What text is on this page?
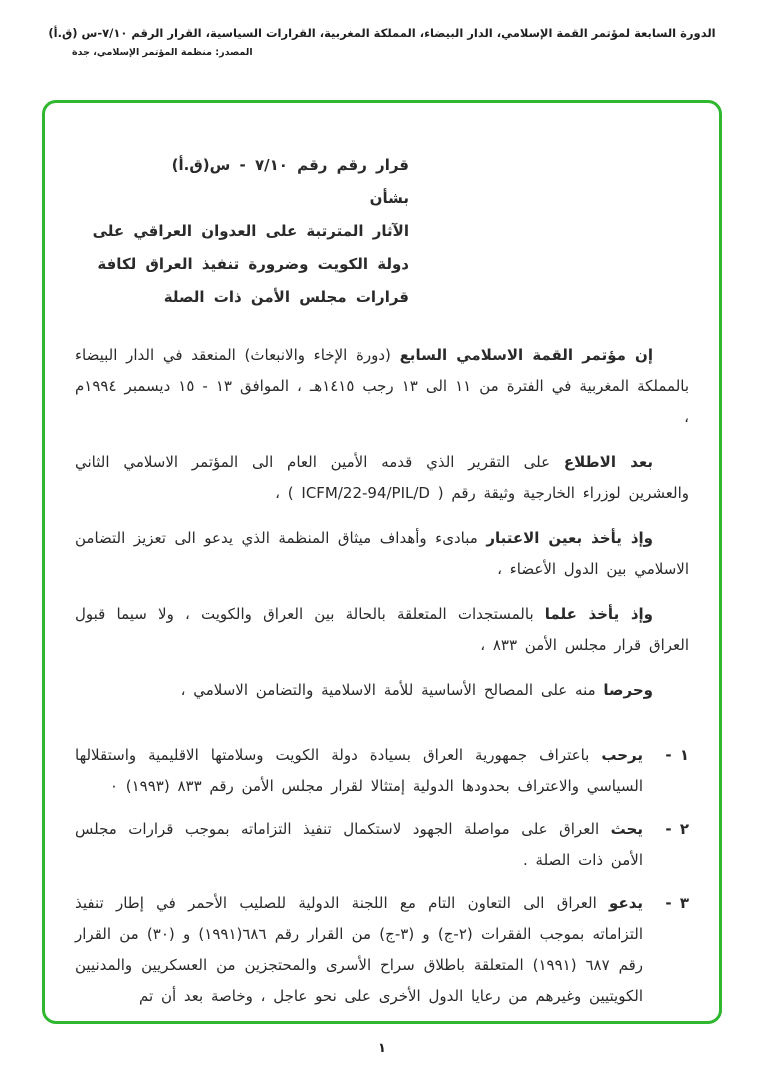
الدورة السابعة لمؤتمر القمة الإسلامي، الدار البيضاء، المملكة المغربية، القرارات السياسية، القرار الرقم ٧/١٠-س (ق.أ)
المصدر: منظمة المؤتمر الإسلامي، جدة
قرار رقم رقم ٧/١٠ - س(ق.أ)
بشأن
الآثار المترتبة على العدوان العراقي على
دولة الكويت وضرورة تنفيذ العراق لكافة
قرارات مجلس الأمن ذات الصلة

إن مؤتمر القمة الاسلامي السابع (دورة الإخاء والانبعاث) المنعقد في الدار البيضاء بالمملكة المغربية في الفترة من ١١ الى ١٣ رجب ١٤١٥هـ ، الموافق ١٣ - ١٥ ديسمبر ١٩٩٤م ،

بعد الاطلاع على التقرير الذي قدمه الأمين العام الى المؤتمر الاسلامي الثاني والعشرين لوزراء الخارجية وثيقة رقم ( ICFM/22-94/PIL/D ) ،

وإذ يأخذ بعين الاعتبار مبادىء وأهداف ميثاق المنظمة الذي يدعو الى تعزيز التضامن الاسلامي بين الدول الأعضاء ،

وإذ يأخذ علما بالمستجدات المتعلقة بالحالة بين العراق والكويت ، ولا سيما قبول العراق قرار مجلس الأمن ٨٣٣ ،

وحرصا منه على المصالح الأساسية للأمة الاسلامية والتضامن الاسلامي ،

١ -
يرحب باعتراف جمهورية العراق بسيادة دولة الكويت وسلامتها الاقليمية واستقلالها السياسي والاعتراف بحدودها الدولية إمتثالا لقرار مجلس الأمن رقم ٨٣٣ (١٩٩٣) ٠
٢ -
يحث العراق على مواصلة الجهود لاستكمال تنفيذ التزاماته بموجب قرارات مجلس الأمن ذات الصلة .
٣ -
يدعو العراق الى التعاون التام مع اللجنة الدولية للصليب الأحمر في إطار تنفيذ التزاماته بموجب الفقرات (٢-ج) و (٣-ج) من القرار رقم ٦٨٦(١٩٩١) و (٣٠) من القرار رقم ٦٨٧ (١٩٩١) المتعلقة باطلاق سراح الأسرى والمحتجزين من العسكريين والمدنيين الكويتيين وغيرهم من رعايا الدول الأخرى على نحو عاجل ، وخاصة بعد أن تم
١
